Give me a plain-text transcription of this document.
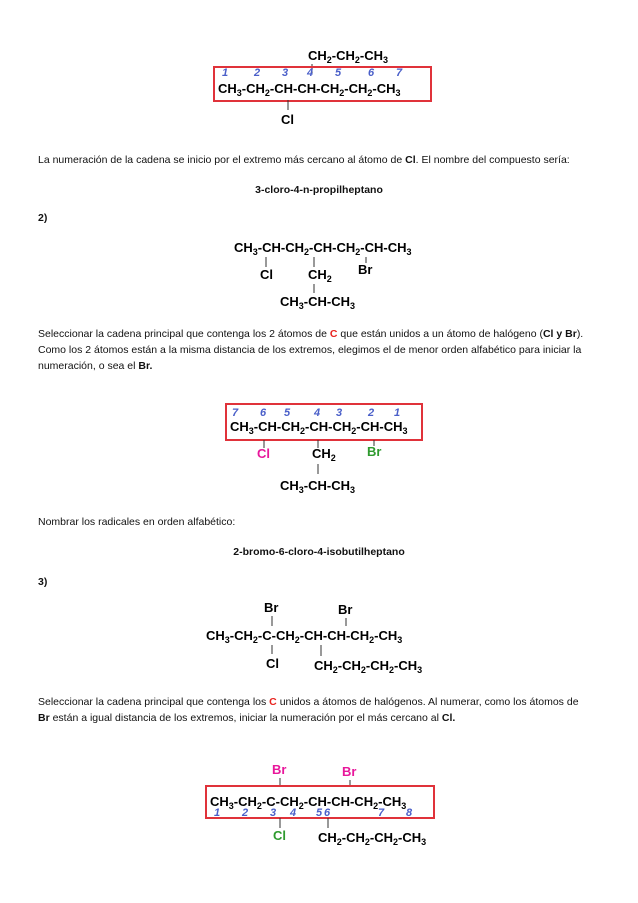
$CH_2-CH_2-CH_3$
1 2 3 4 5 6 7
$CH_3-CH_2-CH-CH-CH_2-CH_2-CH_3$
Cl
La numeración de la cadena se inicio por el extremo más cercano al átomo de Cl. El nombre del compuesto sería:
3-cloro-4-n-propilheptano
2)
$CH_3-CH-CH_2-CH-CH_2-CH-CH_3$
Cl	$CH_2$
Br
$CH_3-CH-CH_3$
Seleccionar la cadena principal que contenga los 2 átomos de C que están unidos a un átomo de halógeno (Cl y Br).
Como los 2 átomos están a la misma distancia de los extremos, elegimos el de menor orden alfabético para iniciar la
numeración, o sea el Br.
7 6 5 4 3 2 1
$CH_3-CH-CH_2-CH-CH_2-CH-CH_3$
Cl	$CH_2$ Br
$CH_3-CH-CH_3$
Nombrar los radicales en orden alfabético:
2-bromo-6-cloro-4-isobutilheptano
3)
Br	Br
$CH_3-CH_2-C-CH_2-CH-CH-CH_2-CH_3$
Cl	$CH_2-CH_2-CH_2-CH_3$
Seleccionar la cadena principal que contenga los C unidos a átomos de halógenos. Al numerar, como los átomos de
Br están a igual distancia de los extremos, iniciar la numeración por el más cercano al Cl.
Br	Br
$CH_3-CH_2-C-CH_2-CH-CH-CH_2-CH_3$
1 2 3 4 5 6	7 8
Cl $CH_2-CH_2-CH_2-CH_3$
